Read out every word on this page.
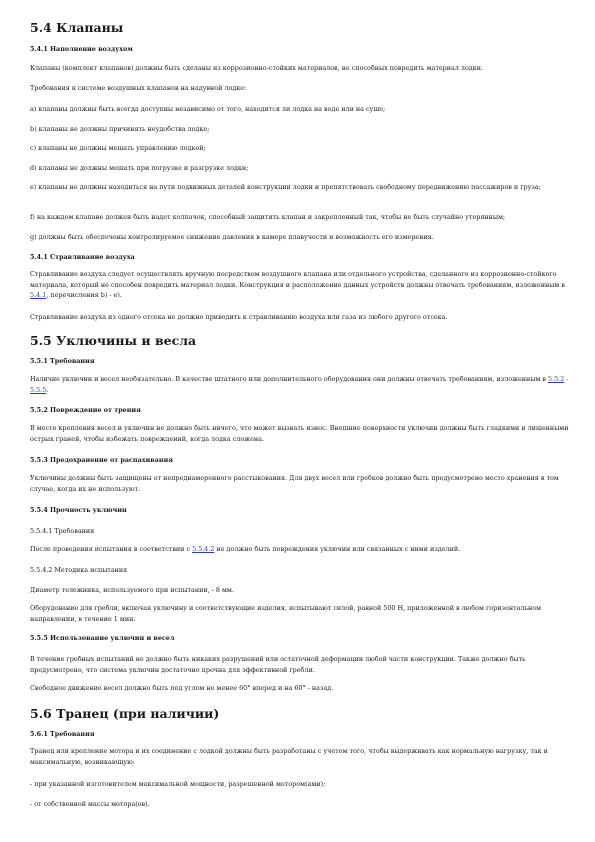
5.4 Клапаны
5.4.1 Наполнение воздухом

Клапаны (комплект клапанов) должны быть сделаны из коррозионно-стойких материалов, не способных повредить материал лодки.

Требования к системе воздушных клапанов на надувной лодке:

a) клапаны должны быть всегда доступны независимо от того, находится ли лодка на воде или на суше;

b) клапаны не должны причинять неудобства лодке;

c) клапаны не должны мешать управлению лодкой;

d) клапаны не должны мешать при погрузке и разгрузке лодки;

e) клапаны не должны находиться на пути подвижных деталей конструкции лодки и препятствовать свободному передвижению пассажиров и груза;

f) на каждом клапане должен быть надет колпачок, способный защитить клапан и закрепленный так, чтобы не быть случайно утерянным;

g) должны быть обеспечены контролируемое снижение давления в камере плавучести и возможность его измерения.

5.4.1 Стравливание воздуха

Стравливание воздуха следует осуществлять вручную посредством воздушного клапана или отдельного устройства, сделанного из коррозионно-стойкого материала, который не способен повредить материал лодки. Конструкция и расположение данных устройств должны отвечать требованиям, изложенным в 5.4.1, перечисления b) - e).

Стравливание воздуха из одного отсека не должно приводить к стравливанию воздуха или газа из любого другого отсека.

5.5 Уключины и весла
5.5.1 Требования

Наличие уключин и весел необязательно. В качестве штатного или дополнительного оборудования они должны отвечать требованиям, изложенным в 5.5.2 - 5.5.5.

5.5.2 Повреждение от трения

В месте крепления весел и уключин не должно быть ничего, что может вызвать износ. Внешние поверхности уключин должны быть гладкими и лишенными острых граней, чтобы избежать повреждений, когда лодка сложена.

5.5.3 Предохранение от распахивания

Уключины должны быть защищены от непреднамеренного расстыкования. Для двух весел или гребков должно быть предусмотрено место хранения в том случае, когда их не используют.

5.5.4 Прочность уключин
5.5.4.1 Требования

После проведения испытания в соответствии с 5.5.4.2 не должно быть повреждения уключин или связанных с ними изделий.

5.5.4.2 Методика испытания

Диаметр тележника, используемого при испытании, - 8 мм.

Оборудование для гребли, включая уключину и соответствующие изделия, испытывают силой, равной 500 Н, приложенной в любом горизонтальном направлении, в течение 1 мин.

5.5.5 Использование уключин и весел

В течение гребных испытаний не должно быть никаких разрушений или остаточной деформации любой части конструкции. Также должно быть предусмотрено, что система уключин достаточно прочна для эффективной гребли.

Свободное движение весел должно быть под углом не менее 60° вперед и на 60° - назад.

5.6 Транец (при наличии)
5.6.1 Требования

Транец или крепление мотора и их соединение с лодкой должны быть разработаны с учетом того, чтобы выдерживать как нормальную нагрузку, так и максимальную, возникающую:

- при указанной изготовителем максимальной мощности, разрешенной мотором(ами);

- от собственной массы мотора(ов).
